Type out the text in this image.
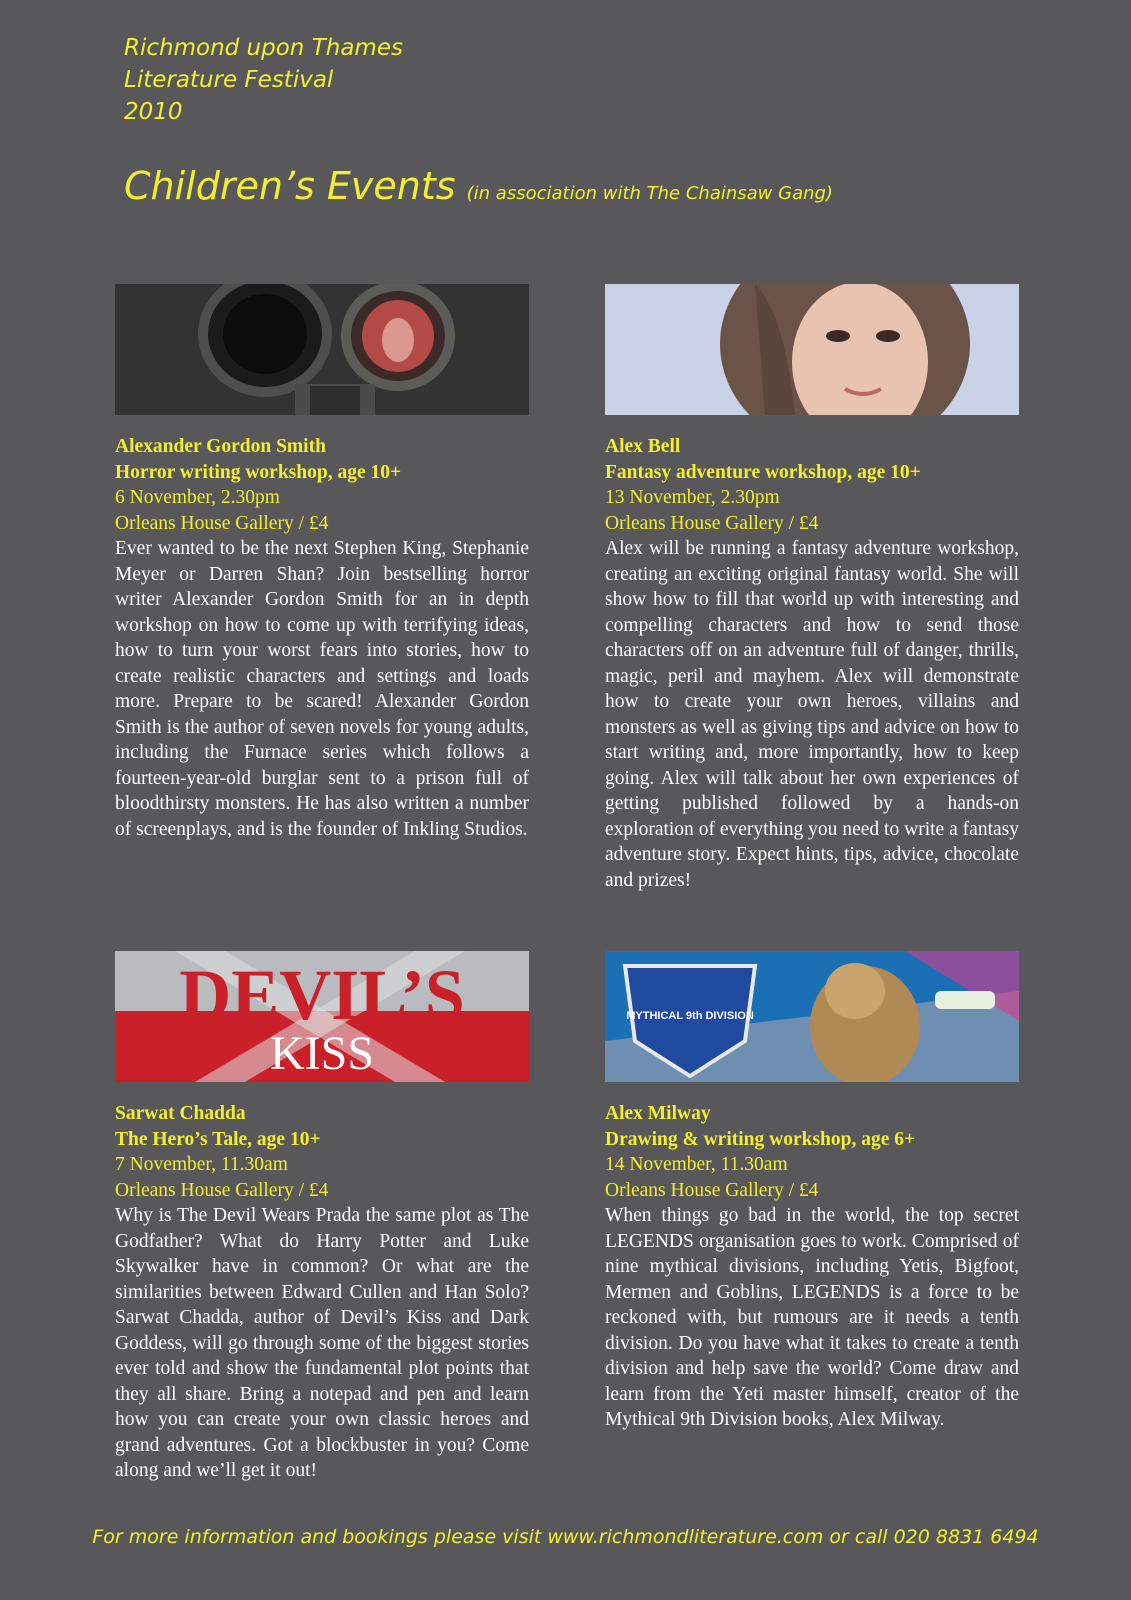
Richmond upon Thames
Literature Festival
2010
Children’s Events (in association with The Chainsaw Gang)
Alexander Gordon Smith
Horror writing workshop, age 10+
6 November, 2.30pm
Orleans House Gallery / £4

Ever wanted to be the next Stephen King, Stephanie Meyer or Darren Shan? Join bestselling horror writer Alexander Gordon Smith for an in depth workshop on how to come up with terrifying ideas, how to turn your worst fears into stories, how to create realistic characters and settings and loads more. Prepare to be scared! Alexander Gordon Smith is the author of seven novels for young adults, including the Furnace series which follows a fourteen-year-old burglar sent to a prison full of bloodthirsty monsters. He has also written a number of screenplays, and is the founder of Inkling Studios.

Alex Bell
Fantasy adventure workshop, age 10+
13 November, 2.30pm
Orleans House Gallery / £4

Alex will be running a fantasy adventure workshop, creating an exciting original fantasy world. She will show how to fill that world up with interesting and compelling characters and how to send those characters off on an adventure full of danger, thrills, magic, peril and mayhem. Alex will demonstrate how to create your own heroes, villains and monsters as well as giving tips and advice on how to start writing and, more importantly, how to keep going. Alex will talk about her own experiences of getting published followed by a hands-on exploration of everything you need to write a fantasy adventure story. Expect hints, tips, advice, chocolate and prizes!

DEVIL’S
KISS
Sarwat Chadda
The Hero’s Tale, age 10+
7 November, 11.30am
Orleans House Gallery / £4

Why is The Devil Wears Prada the same plot as The Godfather? What do Harry Potter and Luke Skywalker have in common? Or what are the similarities between Edward Cullen and Han Solo? Sarwat Chadda, author of Devil’s Kiss and Dark Goddess, will go through some of the biggest stories ever told and show the fundamental plot points that they all share. Bring a notepad and pen and learn how you can create your own classic heroes and grand adventures. Got a blockbuster in you? Come along and we’ll get it out!

MYTHICAL 9th DIVISION
Alex Milway
Drawing & writing workshop, age 6+
14 November, 11.30am
Orleans House Gallery / £4

When things go bad in the world, the top secret LEGENDS organisation goes to work. Comprised of nine mythical divisions, including Yetis, Bigfoot, Mermen and Goblins, LEGENDS is a force to be reckoned with, but rumours are it needs a tenth division. Do you have what it takes to create a tenth division and help save the world? Come draw and learn from the Yeti master himself, creator of the Mythical 9th Division books, Alex Milway.

For more information and bookings please visit www.richmondliterature.com or call 020 8831 6494
